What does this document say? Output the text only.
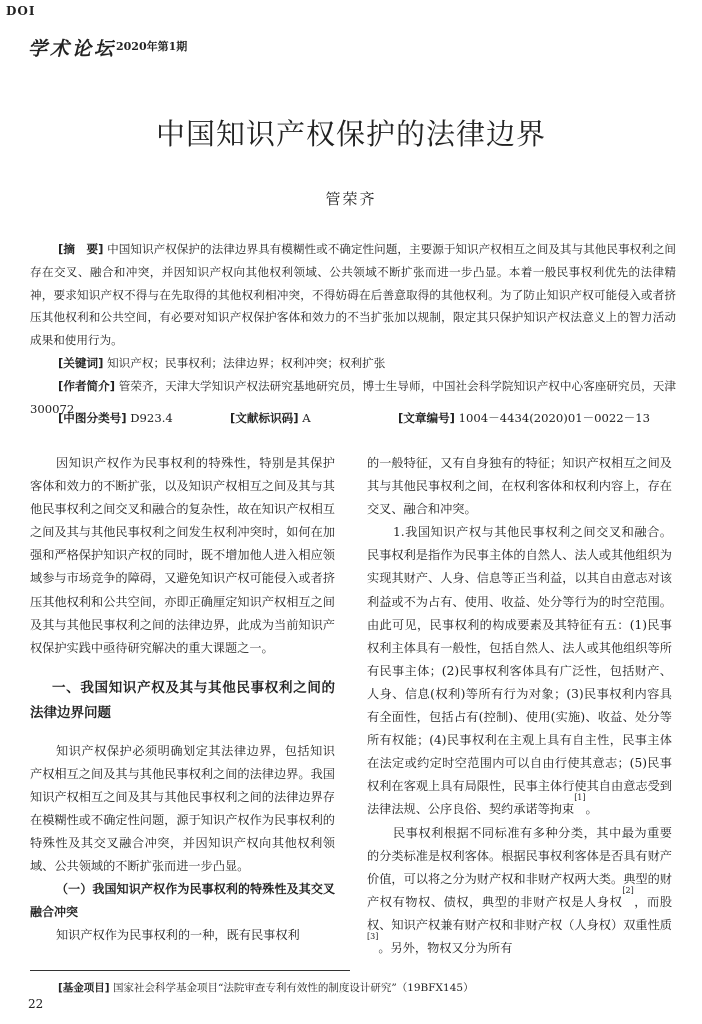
DOI
学术论坛 2020年第1期
中国知识产权保护的法律边界
管荣齐

[摘　要] 中国知识产权保护的法律边界具有模糊性或不确定性问题，主要源于知识产权相互之间及其与其他民事权利之间存在交叉、融合和冲突，并因知识产权向其他权利领域、公共领域不断扩张而进一步凸显。本着一般民事权利优先的法律精神，要求知识产权不得与在先取得的其他权利相冲突，不得妨碍在后善意取得的其他权利。为了防止知识产权可能侵入或者挤压其他权利和公共空间，有必要对知识产权保护客体和效力的不当扩张加以规制，限定其只保护知识产权法意义上的智力活动成果和使用行为。

[关键词] 知识产权；民事权利；法律边界；权利冲突；权利扩张

[作者简介] 管荣齐，天津大学知识产权法研究基地研究员，博士生导师，中国社会科学院知识产权中心客座研究员，天津　300072

[中图分类号] D923.4	[文献标识码] A	[文章编号] 1004－4434(2020)01－0022－13

因知识产权作为民事权利的特殊性，特别是其保护客体和效力的不断扩张，以及知识产权相互之间及其与其他民事权利之间交叉和融合的复杂性，故在知识产权相互之间及其与其他民事权利之间发生权利冲突时，如何在加强和严格保护知识产权的同时，既不增加他人进入相应领域参与市场竞争的障碍，又避免知识产权可能侵入或者挤压其他权利和公共空间，亦即正确厘定知识产权相互之间及其与其他民事权利之间的法律边界，此成为当前知识产权保护实践中亟待研究解决的重大课题之一。

一、我国知识产权及其与其他民事权利之间的法律边界问题

知识产权保护必须明确划定其法律边界，包括知识产权相互之间及其与其他民事权利之间的法律边界。我国知识产权相互之间及其与其他民事权利之间的法律边界存在模糊性或不确定性问题，源于知识产权作为民事权利的特殊性及其交叉融合冲突，并因知识产权向其他权利领域、公共领域的不断扩张而进一步凸显。

（一）我国知识产权作为民事权利的特殊性及其交叉融合冲突

知识产权作为民事权利的一种，既有民事权利

的一般特征，又有自身独有的特征；知识产权相互之间及其与其他民事权利之间，在权利客体和权利内容上，存在交叉、融合和冲突。

1.我国知识产权与其他民事权利之间交叉和融合。民事权利是指作为民事主体的自然人、法人或其他组织为实现其财产、人身、信息等正当利益，以其自由意志对该利益或不为占有、使用、收益、处分等行为的时空范围。由此可见，民事权利的构成要素及其特征有五：(1)民事权利主体具有一般性，包括自然人、法人或其他组织等所有民事主体；(2)民事权利客体具有广泛性，包括财产、人身、信息(权利)等所有行为对象；(3)民事权利内容具有全面性，包括占有(控制)、使用(实施)、收益、处分等所有权能；(4)民事权利在主观上具有自主性，民事主体在法定或约定时空范围内可以自由行使其意志；(5)民事权利在客观上具有局限性，民事主体行使其自由意志受到法律法规、公序良俗、契约承诺等拘束[1]。

民事权利根据不同标准有多种分类，其中最为重要的分类标准是权利客体。根据民事权利客体是否具有财产价值，可以将之分为财产权和非财产权两大类。典型的财产权有物权、债权，典型的非财产权是人身权[2]，而股权、知识产权兼有财产权和非财产权（人身权）双重性质[3]。另外，物权又分为所有

[基金项目] 国家社会科学基金项目“法院审查专利有效性的制度设计研究”（19BFX145）
22
